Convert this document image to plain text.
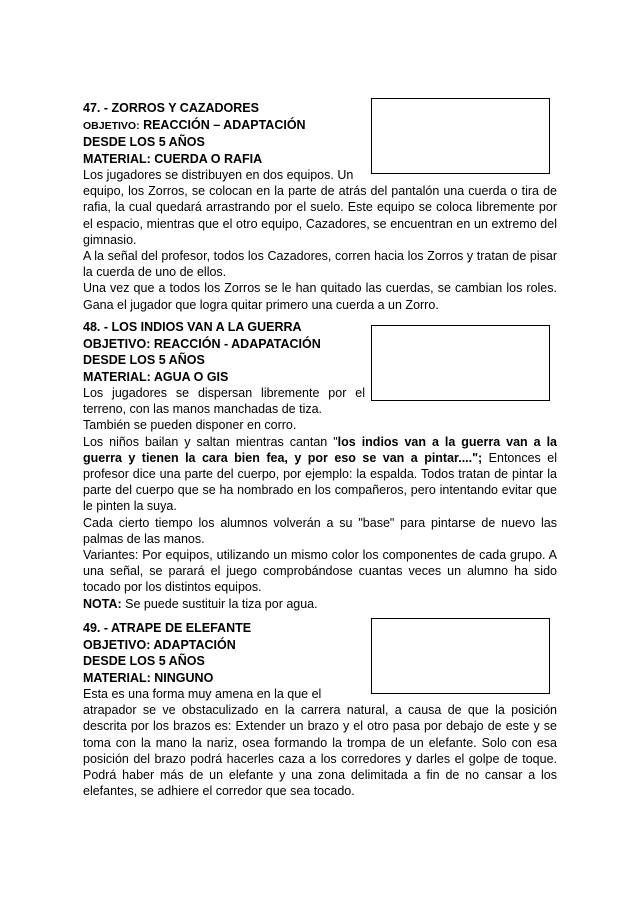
47. - ZORROS Y CAZADORES
OBJETIVO: REACCIÓN – ADAPTACIÓN
DESDE LOS 5 AÑOS
MATERIAL: CUERDA O RAFIA

Los jugadores se distribuyen en dos equipos. Un

equipo, los Zorros, se colocan en la parte de atrás del pantalón una cuerda o tira de rafia, la cual quedará arrastrando por el suelo. Este equipo se coloca libremente por el espacio, mientras que el otro equipo, Cazadores, se encuentran en un extremo del gimnasio.

A la señal del profesor, todos los Cazadores, corren hacia los Zorros y tratan de pisar la cuerda de uno de ellos.

Una vez que a todos los Zorros se le han quitado las cuerdas, se cambian los roles. Gana el jugador que logra quitar primero una cuerda a un Zorro.

48. - LOS INDIOS VAN A LA GUERRA
OBJETIVO: REACCIÓN - ADAPATACIÓN
DESDE LOS 5 AÑOS
MATERIAL: AGUA O GIS

Los jugadores se dispersan libremente por el terreno, con las manos manchadas de tiza.

También se pueden disponer en corro.

Los niños bailan y saltan mientras cantan "los indios van a la guerra van a la guerra y tienen la cara bien fea, y por eso se van a pintar...."; Entonces el profesor dice una parte del cuerpo, por ejemplo: la espalda. Todos tratan de pintar la parte del cuerpo que se ha nombrado en los compañeros, pero intentando evitar que le pinten la suya.

Cada cierto tiempo los alumnos volverán a su "base" para pintarse de nuevo las palmas de las manos.

Variantes: Por equipos, utilizando un mismo color los componentes de cada grupo. A una señal, se parará el juego comprobándose cuantas veces un alumno ha sido tocado por los distintos equipos.

NOTA: Se puede sustituir la tiza por agua.

49. - ATRAPE DE ELEFANTE
OBJETIVO: ADAPTACIÓN
DESDE LOS 5 AÑOS
MATERIAL: NINGUNO

Esta es una forma muy amena en la que el

atrapador se ve obstaculizado en la carrera natural, a causa de que la posición descrita por los brazos es: Extender un brazo y el otro pasa por debajo de este y se toma con la mano la nariz, osea formando la trompa de un elefante. Solo con esa posición del brazo podrá hacerles caza a los corredores y darles el golpe de toque. Podrá haber más de un elefante y una zona delimitada a fin de no cansar a los elefantes, se adhiere el corredor que sea tocado.
